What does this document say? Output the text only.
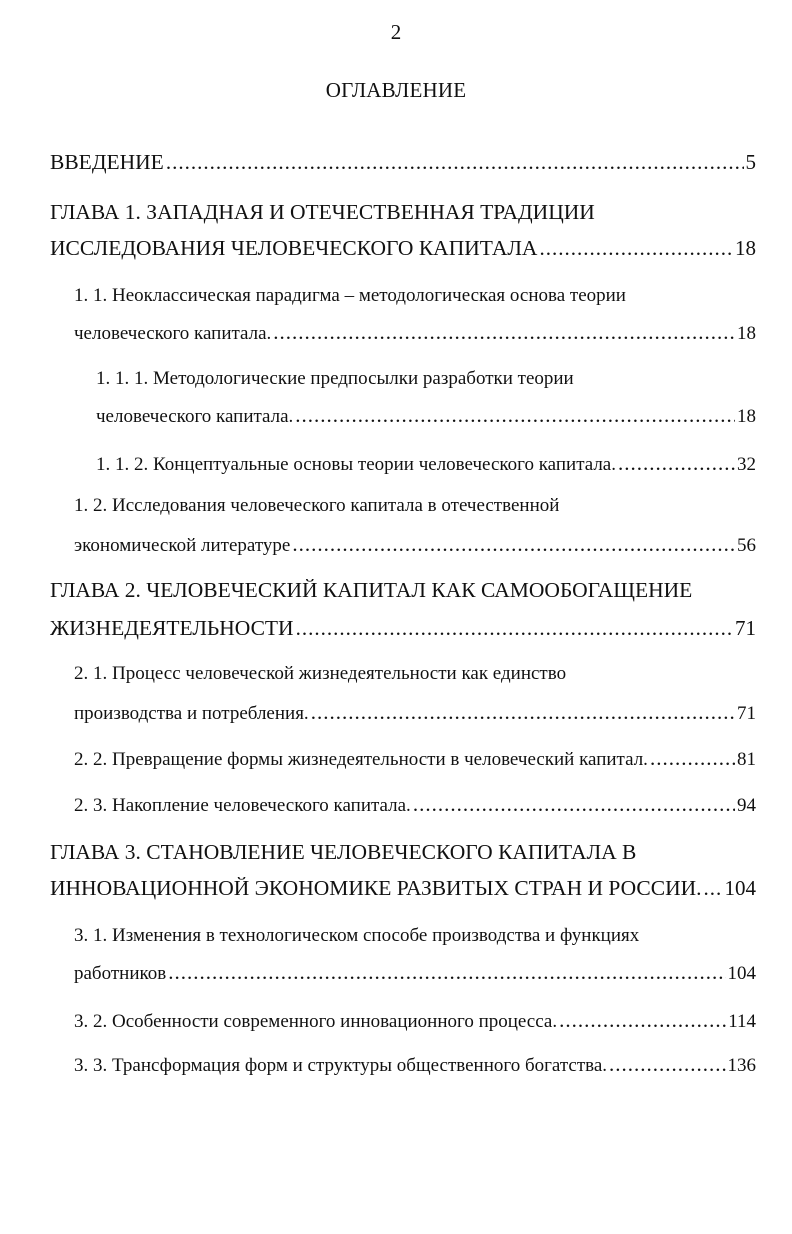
2
ОГЛАВЛЕНИЕ
ВВЕДЕНИЕ .....	5
ГЛАВА 1. ЗАПАДНАЯ И ОТЕЧЕСТВЕННАЯ ТРАДИЦИИ
ИССЛЕДОВАНИЯ ЧЕЛОВЕЧЕСКОГО КАПИТАЛА .....	18
1. 1. Неоклассическая парадигма – методологическая основа теории
человеческого капитала. .....	18
1. 1. 1. Методологические предпосылки разработки теории
человеческого капитала. .....	18
1. 1. 2. Концептуальные основы теории человеческого капитала. .....	32
1. 2. Исследования человеческого капитала в отечественной
экономической литературе .....	56
ГЛАВА 2. ЧЕЛОВЕЧЕСКИЙ КАПИТАЛ КАК САМООБОГАЩЕНИЕ
ЖИЗНЕДЕЯТЕЛЬНОСТИ .....	71
2. 1. Процесс человеческой жизнедеятельности как единство
производства и потребления. .....	71
2. 2. Превращение формы жизнедеятельности в человеческий капитал. .....	81
2. 3. Накопление человеческого капитала. .....	94
ГЛАВА 3. СТАНОВЛЕНИЕ ЧЕЛОВЕЧЕСКОГО КАПИТАЛА В
ИННОВАЦИОННОЙ ЭКОНОМИКЕ РАЗВИТЫХ СТРАН И РОССИИ. ..... 104
3. 1. Изменения в технологическом способе производства и функциях
работников .....	104
3. 2. Особенности современного инновационного процесса. .....	114
3. 3. Трансформация форм и структуры общественного богатства. .....	136
